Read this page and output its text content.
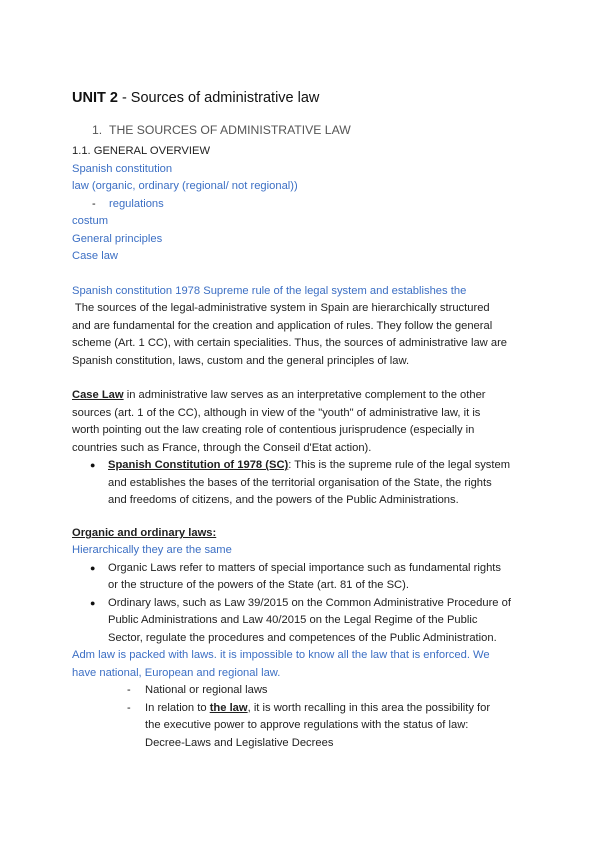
UNIT 2 - Sources of administrative law
1. THE SOURCES OF ADMINISTRATIVE LAW
1.1. GENERAL OVERVIEW
Spanish constitution
law (organic, ordinary (regional/ not regional))
- regulations
costum
General principles
Case law
Spanish constitution 1978 Supreme rule of the legal system and establishes the
The sources of the legal-administrative system in Spain are hierarchically structured
and are fundamental for the creation and application of rules. They follow the general
scheme (Art. 1 CC), with certain specialities. Thus, the sources of administrative law are
Spanish constitution, laws, custom and the general principles of law.
Case Law in administrative law serves as an interpretative complement to the other
sources (art. 1 of the CC), although in view of the "youth" of administrative law, it is
worth pointing out the law creating role of contentious jurisprudence (especially in
countries such as France, through the Conseil d'Etat action).
● Spanish Constitution of 1978 (SC): This is the supreme rule of the legal system
and establishes the bases of the territorial organisation of the State, the rights
and freedoms of citizens, and the powers of the Public Administrations.
Organic and ordinary laws:
Hierarchically they are the same
● Organic Laws refer to matters of special importance such as fundamental rights
or the structure of the powers of the State (art. 81 of the SC).
● Ordinary laws, such as Law 39/2015 on the Common Administrative Procedure of
Public Administrations and Law 40/2015 on the Legal Regime of the Public
Sector, regulate the procedures and competences of the Public Administration.
Adm law is packed with laws. it is impossible to know all the law that is enforced. We
have national, European and regional law.
- National or regional laws
- In relation to the law, it is worth recalling in this area the possibility for
the executive power to approve regulations with the status of law:
Decree-Laws and Legislative Decrees
